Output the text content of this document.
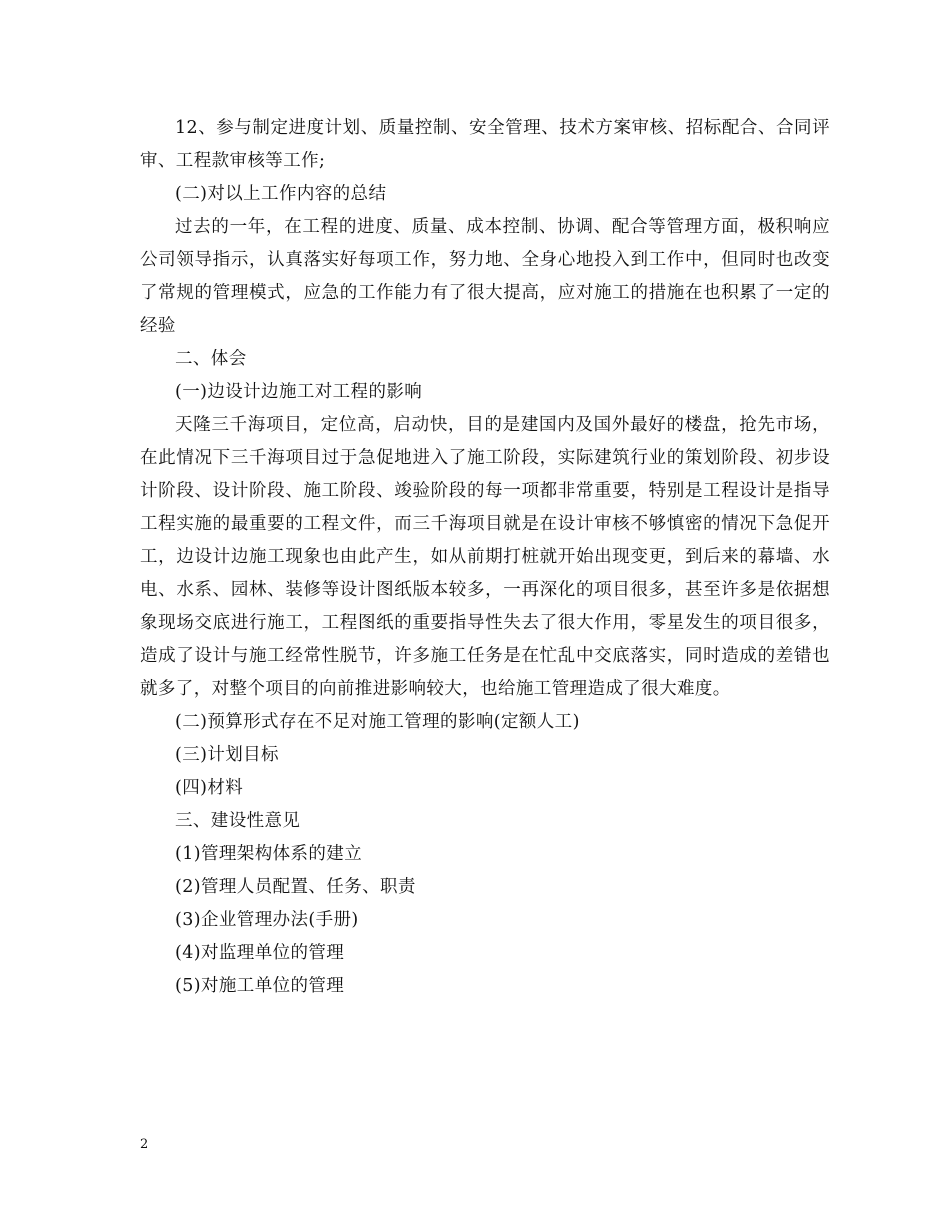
12、参与制定进度计划、质量控制、安全管理、技术方案审核、招标配合、合同评审、工程款审核等工作;

(二)对以上工作内容的总结

过去的一年，在工程的进度、质量、成本控制、协调、配合等管理方面，极积响应公司领导指示，认真落实好每项工作，努力地、全身心地投入到工作中，但同时也改变了常规的管理模式，应急的工作能力有了很大提高，应对施工的措施在也积累了一定的经验

二、体会

(一)边设计边施工对工程的影响

天隆三千海项目，定位高，启动快，目的是建国内及国外最好的楼盘，抢先市场，在此情况下三千海项目过于急促地进入了施工阶段，实际建筑行业的策划阶段、初步设计阶段、设计阶段、施工阶段、竣验阶段的每一项都非常重要，特别是工程设计是指导工程实施的最重要的工程文件，而三千海项目就是在设计审核不够慎密的情况下急促开工，边设计边施工现象也由此产生，如从前期打桩就开始出现变更，到后来的幕墙、水电、水系、园林、装修等设计图纸版本较多，一再深化的项目很多，甚至许多是依据想象现场交底进行施工，工程图纸的重要指导性失去了很大作用，零星发生的项目很多，造成了设计与施工经常性脱节，许多施工任务是在忙乱中交底落实，同时造成的差错也就多了，对整个项目的向前推进影响较大，也给施工管理造成了很大难度。

(二)预算形式存在不足对施工管理的影响(定额人工)

(三)计划目标

(四)材料

三、建设性意见

(1)管理架构体系的建立

(2)管理人员配置、任务、职责

(3)企业管理办法(手册)

(4)对监理单位的管理

(5)对施工单位的管理

2
